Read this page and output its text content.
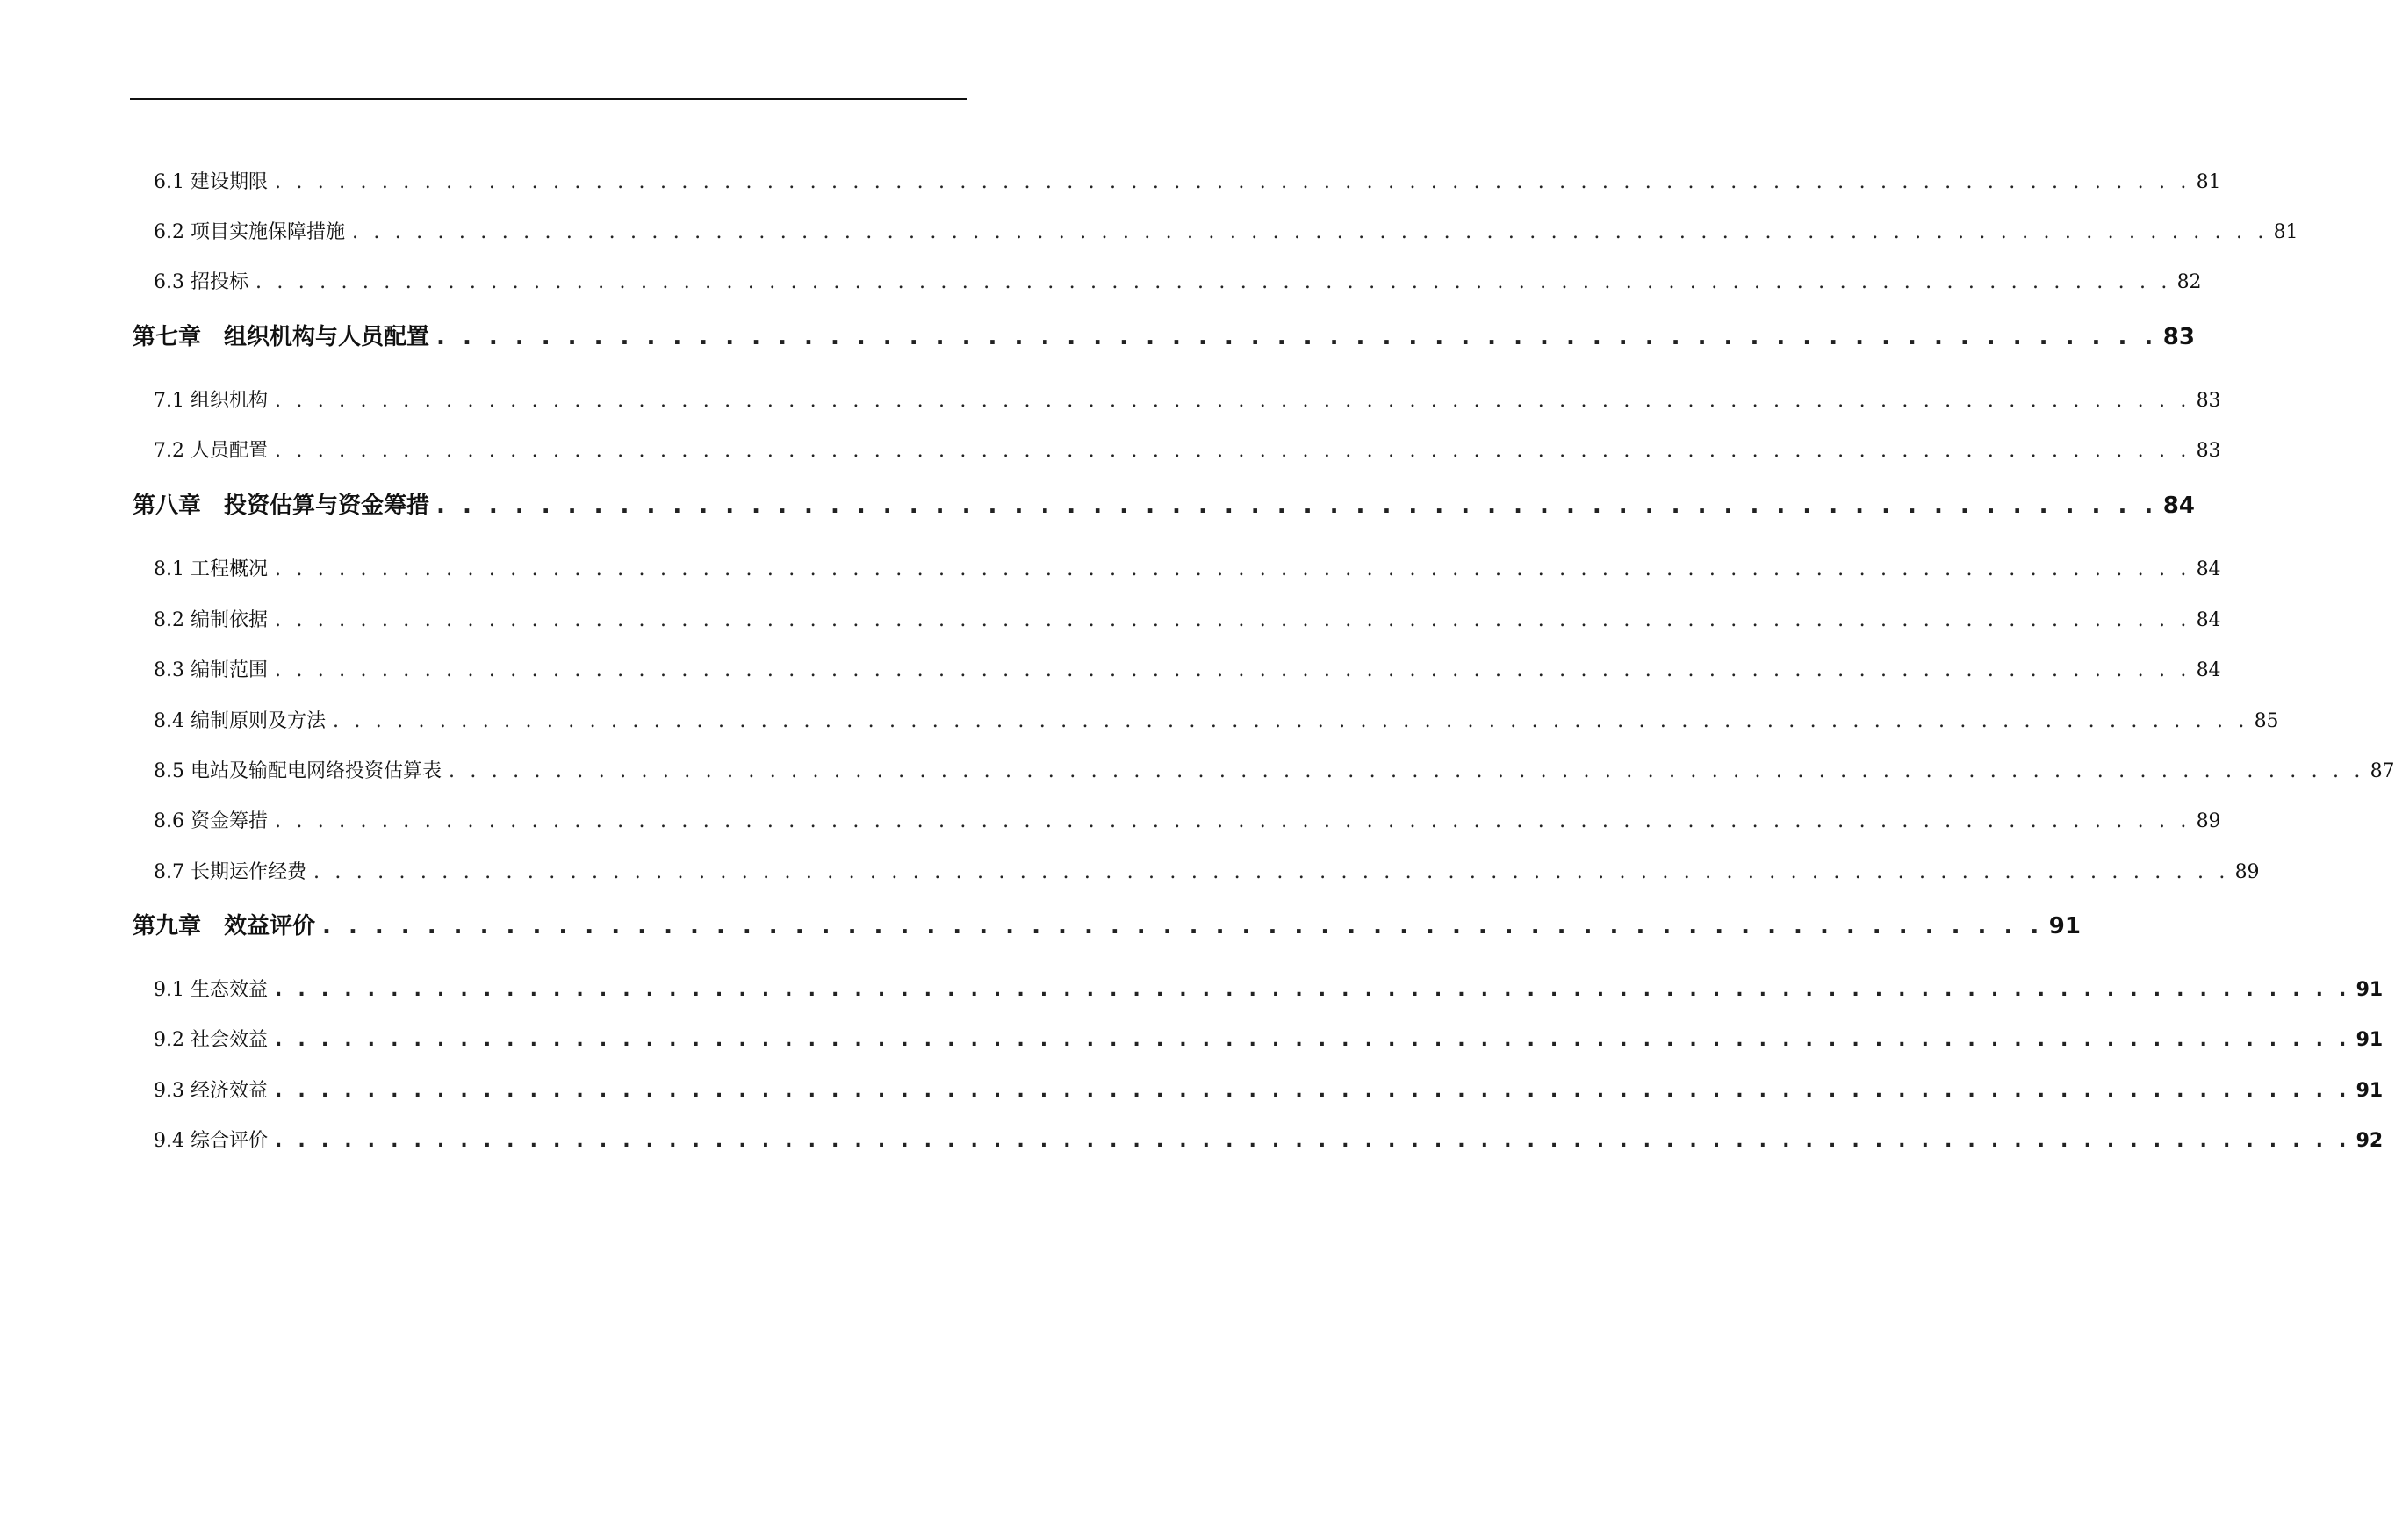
6.1 建设期限 . . . . . . . . . . . . . . . . . . . . . . . . . . . . . . . . . . . . . . . . . . . . . . . . . . . . . . . . . . . . . . . . . . . . . . . . . . . . . . . . . . . . . . . . . . 81
6.2 项目实施保障措施 . . . . . . . . . . . . . . . . . . . . . . . . . . . . . . . . . . . . . . . . . . . . . . . . . . . . . . . . . . . . . . . . . . . . . . . . . . . . . . . . . . . . . . . . . . 81
6.3 招投标 . . . . . . . . . . . . . . . . . . . . . . . . . . . . . . . . . . . . . . . . . . . . . . . . . . . . . . . . . . . . . . . . . . . . . . . . . . . . . . . . . . . . . . . . . . 82
第七章　组织机构与人员配置 . . . . . . . . . . . . . . . . . . . . . . . . . . . . . . . . . . . . . . . . . . . . . . . . . . . . . . . . . . . . . . . . . . 83
7.1 组织机构 . . . . . . . . . . . . . . . . . . . . . . . . . . . . . . . . . . . . . . . . . . . . . . . . . . . . . . . . . . . . . . . . . . . . . . . . . . . . . . . . . . . . . . . . . . 83
7.2 人员配置 . . . . . . . . . . . . . . . . . . . . . . . . . . . . . . . . . . . . . . . . . . . . . . . . . . . . . . . . . . . . . . . . . . . . . . . . . . . . . . . . . . . . . . . . . . 83
第八章　投资估算与资金筹措 . . . . . . . . . . . . . . . . . . . . . . . . . . . . . . . . . . . . . . . . . . . . . . . . . . . . . . . . . . . . . . . . . . 84
8.1 工程概况 . . . . . . . . . . . . . . . . . . . . . . . . . . . . . . . . . . . . . . . . . . . . . . . . . . . . . . . . . . . . . . . . . . . . . . . . . . . . . . . . . . . . . . . . . . 84
8.2 编制依据 . . . . . . . . . . . . . . . . . . . . . . . . . . . . . . . . . . . . . . . . . . . . . . . . . . . . . . . . . . . . . . . . . . . . . . . . . . . . . . . . . . . . . . . . . . 84
8.3 编制范围 . . . . . . . . . . . . . . . . . . . . . . . . . . . . . . . . . . . . . . . . . . . . . . . . . . . . . . . . . . . . . . . . . . . . . . . . . . . . . . . . . . . . . . . . . . 84
8.4 编制原则及方法 . . . . . . . . . . . . . . . . . . . . . . . . . . . . . . . . . . . . . . . . . . . . . . . . . . . . . . . . . . . . . . . . . . . . . . . . . . . . . . . . . . . . . . . . . . 85
8.5 电站及输配电网络投资估算表 . . . . . . . . . . . . . . . . . . . . . . . . . . . . . . . . . . . . . . . . . . . . . . . . . . . . . . . . . . . . . . . . . . . . . . . . . . . . . . . . . . . . . . . . . . 87
8.6 资金筹措 . . . . . . . . . . . . . . . . . . . . . . . . . . . . . . . . . . . . . . . . . . . . . . . . . . . . . . . . . . . . . . . . . . . . . . . . . . . . . . . . . . . . . . . . . . 89
8.7 长期运作经费 . . . . . . . . . . . . . . . . . . . . . . . . . . . . . . . . . . . . . . . . . . . . . . . . . . . . . . . . . . . . . . . . . . . . . . . . . . . . . . . . . . . . . . . . . . 89
第九章　效益评价 . . . . . . . . . . . . . . . . . . . . . . . . . . . . . . . . . . . . . . . . . . . . . . . . . . . . . . . . . . . . . . . . . . 91
9.1 生态效益 . . . . . . . . . . . . . . . . . . . . . . . . . . . . . . . . . . . . . . . . . . . . . . . . . . . . . . . . . . . . . . . . . . . . . . . . . . . . . . . . . . . . . . . . . . 91
9.2 社会效益 . . . . . . . . . . . . . . . . . . . . . . . . . . . . . . . . . . . . . . . . . . . . . . . . . . . . . . . . . . . . . . . . . . . . . . . . . . . . . . . . . . . . . . . . . . 91
9.3 经济效益 . . . . . . . . . . . . . . . . . . . . . . . . . . . . . . . . . . . . . . . . . . . . . . . . . . . . . . . . . . . . . . . . . . . . . . . . . . . . . . . . . . . . . . . . . . 91
9.4 综合评价 . . . . . . . . . . . . . . . . . . . . . . . . . . . . . . . . . . . . . . . . . . . . . . . . . . . . . . . . . . . . . . . . . . . . . . . . . . . . . . . . . . . . . . . . . . 92
